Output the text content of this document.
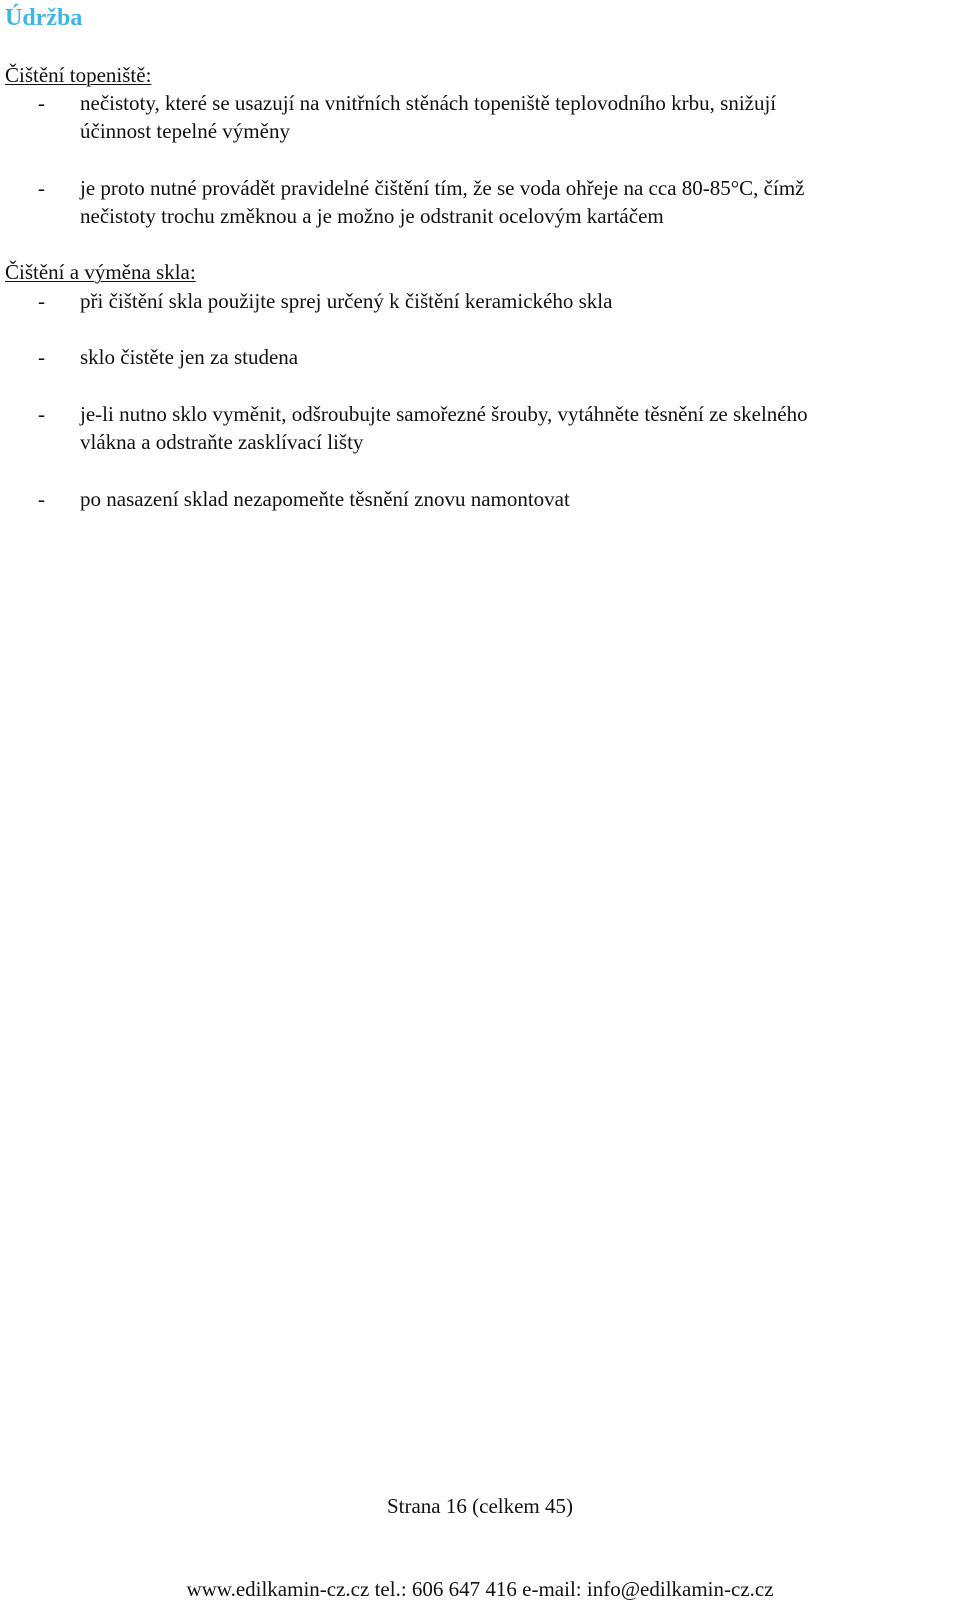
Údržba
Čištění topeniště:
- nečistoty, které se usazují na vnitřních stěnách topeniště teplovodního krbu, snižují
účinnost tepelné výměny
- je proto nutné provádět pravidelné čištění tím, že se voda ohřeje na cca 80-85°C, čímž
nečistoty trochu změknou a je možno je odstranit ocelovým kartáčem
Čištění a výměna skla:
- při čištění skla použijte sprej určený k čištění keramického skla
- sklo čistěte jen za studena
- je-li nutno sklo vyměnit, odšroubujte samořezné šrouby, vytáhněte těsnění ze skelného
vlákna a odstraňte zasklívací lišty
- po nasazení sklad nezapomeňte těsnění znovu namontovat
Strana 16 (celkem 45)
www.edilkamin-cz.cz tel.: 606 647 416 e-mail: info@edilkamin-cz.cz
